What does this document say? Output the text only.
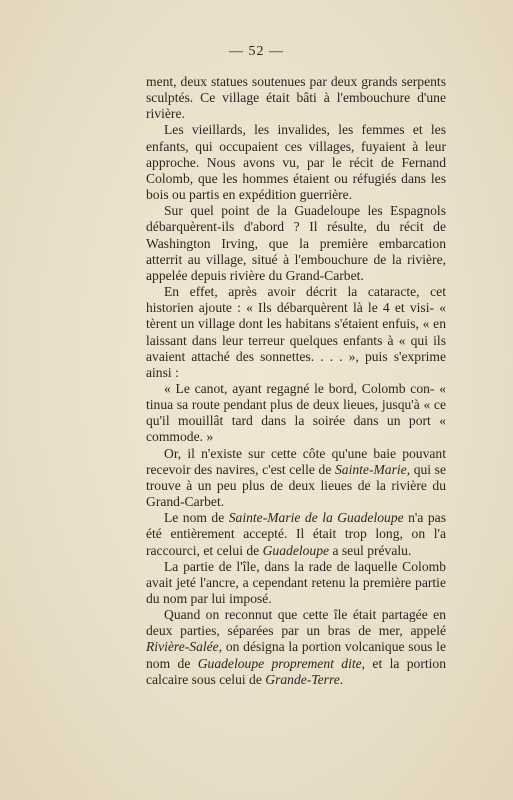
— 52 —

ment, deux statues soutenues par deux grands serpents sculptés. Ce village était bâti à l'embouchure d'une rivière.

Les vieillards, les invalides, les femmes et les enfants, qui occupaient ces villages, fuyaient à leur approche. Nous avons vu, par le récit de Fernand Colomb, que les hommes étaient ou réfugiés dans les bois ou partis en expédition guerrière.

Sur quel point de la Guadeloupe les Espagnols débarquèrent-ils d'abord ? Il résulte, du récit de Washington Irving, que la première embarcation atterrit au village, situé à l'embouchure de la rivière, appelée depuis rivière du Grand-Carbet.

En effet, après avoir décrit la cataracte, cet historien ajoute : « Ils débarquèrent là le 4 et visi- « tèrent un village dont les habitans s'étaient enfuis, « en laissant dans leur terreur quelques enfants à « qui ils avaient attaché des sonnettes. . . . », puis s'exprime ainsi :

« Le canot, ayant regagné le bord, Colomb con- « tinua sa route pendant plus de deux lieues, jusqu'à « ce qu'il mouillât tard dans la soirée dans un port « commode. »

Or, il n'existe sur cette côte qu'une baie pouvant recevoir des navires, c'est celle de Sainte-Marie, qui se trouve à un peu plus de deux lieues de la rivière du Grand-Carbet.

Le nom de Sainte-Marie de la Guadeloupe n'a pas été entièrement accepté. Il était trop long, on l'a raccourci, et celui de Guadeloupe a seul prévalu.

La partie de l'île, dans la rade de laquelle Colomb avait jeté l'ancre, a cependant retenu la première partie du nom par lui imposé.

Quand on reconnut que cette île était partagée en deux parties, séparées par un bras de mer, appelé Rivière-Salée, on désigna la portion volcanique sous le nom de Guadeloupe proprement dite, et la portion calcaire sous celui de Grande-Terre.
